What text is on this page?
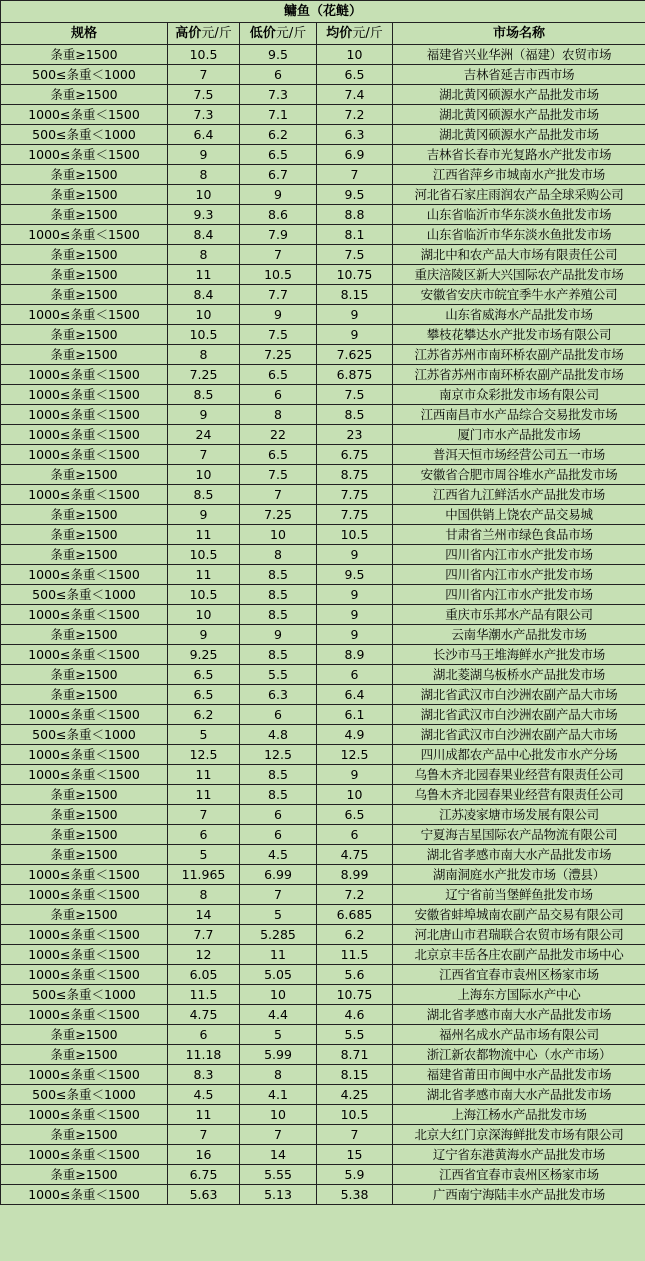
鳙鱼（花鲢）				
规格	高价元/斤	低价元/斤	均价元/斤	市场名称
条重≥1500	10.5	9.5	10	福建省兴业华洲（福建）农贸市场
500≤条重＜1000	7	6	6.5	吉林省延吉市西市场
条重≥1500	7.5	7.3	7.4	湖北黄冈硕源水产品批发市场
1000≤条重＜1500	7.3	7.1	7.2	湖北黄冈硕源水产品批发市场
500≤条重＜1000	6.4	6.2	6.3	湖北黄冈硕源水产品批发市场
1000≤条重＜1500	9	6.5	6.9	吉林省长春市光复路水产批发市场
条重≥1500	8	6.7	7	江西省萍乡市城南水产批发市场
条重≥1500	10	9	9.5	河北省石家庄雨润农产品全球采购公司
条重≥1500	9.3	8.6	8.8	山东省临沂市华东淡水鱼批发市场
1000≤条重＜1500	8.4	7.9	8.1	山东省临沂市华东淡水鱼批发市场
条重≥1500	8	7	7.5	湖北中和农产品大市场有限责任公司
条重≥1500	11	10.5	10.75	重庆涪陵区新大兴国际农产品批发市场
条重≥1500	8.4	7.7	8.15	安徽省安庆市皖宜季牛水产养殖公司
1000≤条重＜1500	10	9	9	山东省威海水产品批发市场
条重≥1500	10.5	7.5	9	攀枝花攀达水产批发市场有限公司
条重≥1500	8	7.25	7.625	江苏省苏州市南环桥农副产品批发市场
1000≤条重＜1500	7.25	6.5	6.875	江苏省苏州市南环桥农副产品批发市场
1000≤条重＜1500	8.5	6	7.5	南京市众彩批发市场有限公司
1000≤条重＜1500	9	8	8.5	江西南昌市水产品综合交易批发市场
1000≤条重＜1500	24	22	23	厦门市水产品批发市场
1000≤条重＜1500	7	6.5	6.75	普洱天恒市场经营公司五一市场
条重≥1500	10	7.5	8.75	安徽省合肥市周谷堆水产品批发市场
1000≤条重＜1500	8.5	7	7.75	江西省九江鲜活水产品批发市场
条重≥1500	9	7.25	7.75	中国供销上饶农产品交易城
条重≥1500	11	10	10.5	甘肃省兰州市绿色食品市场
条重≥1500	10.5	8	9	四川省内江市水产批发市场
1000≤条重＜1500	11	8.5	9.5	四川省内江市水产批发市场
500≤条重＜1000	10.5	8.5	9	四川省内江市水产批发市场
1000≤条重＜1500	10	8.5	9	重庆市乐邦水产品有限公司
条重≥1500	9	9	9	云南华潮水产品批发市场
1000≤条重＜1500	9.25	8.5	8.9	长沙市马王堆海鲜水产批发市场
条重≥1500	6.5	5.5	6	湖北菱湖乌板桥水产品批发市场
条重≥1500	6.5	6.3	6.4	湖北省武汉市白沙洲农副产品大市场
1000≤条重＜1500	6.2	6	6.1	湖北省武汉市白沙洲农副产品大市场
500≤条重＜1000	5	4.8	4.9	湖北省武汉市白沙洲农副产品大市场
1000≤条重＜1500	12.5	12.5	12.5	四川成都农产品中心批发市水产分场
1000≤条重＜1500	11	8.5	9	乌鲁木齐北园春果业经营有限责任公司
条重≥1500	11	8.5	10	乌鲁木齐北园春果业经营有限责任公司
条重≥1500	7	6	6.5	江苏凌家塘市场发展有限公司
条重≥1500	6	6	6	宁夏海吉星国际农产品物流有限公司
条重≥1500	5	4.5	4.75	湖北省孝感市南大水产品批发市场
1000≤条重＜1500	11.965	6.99	8.99	湖南洞庭水产批发市场（澧县）
1000≤条重＜1500	8	7	7.2	辽宁省前当堡鲜鱼批发市场
条重≥1500	14	5	6.685	安徽省蚌埠城南农副产品交易有限公司
1000≤条重＜1500	7.7	5.285	6.2	河北唐山市君瑞联合农贸市场有限公司
1000≤条重＜1500	12	11	11.5	北京京丰岳各庄农副产品批发市场中心
1000≤条重＜1500	6.05	5.05	5.6	江西省宜春市袁州区杨家市场
500≤条重＜1000	11.5	10	10.75	上海东方国际水产中心
1000≤条重＜1500	4.75	4.4	4.6	湖北省孝感市南大水产品批发市场
条重≥1500	6	5	5.5	福州名成水产品市场有限公司
条重≥1500	11.18	5.99	8.71	浙江新农都物流中心（水产市场）
1000≤条重＜1500	8.3	8	8.15	福建省莆田市闽中水产品批发市场
500≤条重＜1000	4.5	4.1	4.25	湖北省孝感市南大水产品批发市场
1000≤条重＜1500	11	10	10.5	上海江杨水产品批发市场
条重≥1500	7	7	7	北京大红门京深海鲜批发市场有限公司
1000≤条重＜1500	16	14	15	辽宁省东港黄海水产品批发市场
条重≥1500	6.75	5.55	5.9	江西省宜春市袁州区杨家市场
1000≤条重＜1500	5.63	5.13	5.38	广西南宁海陆丰水产品批发市场
